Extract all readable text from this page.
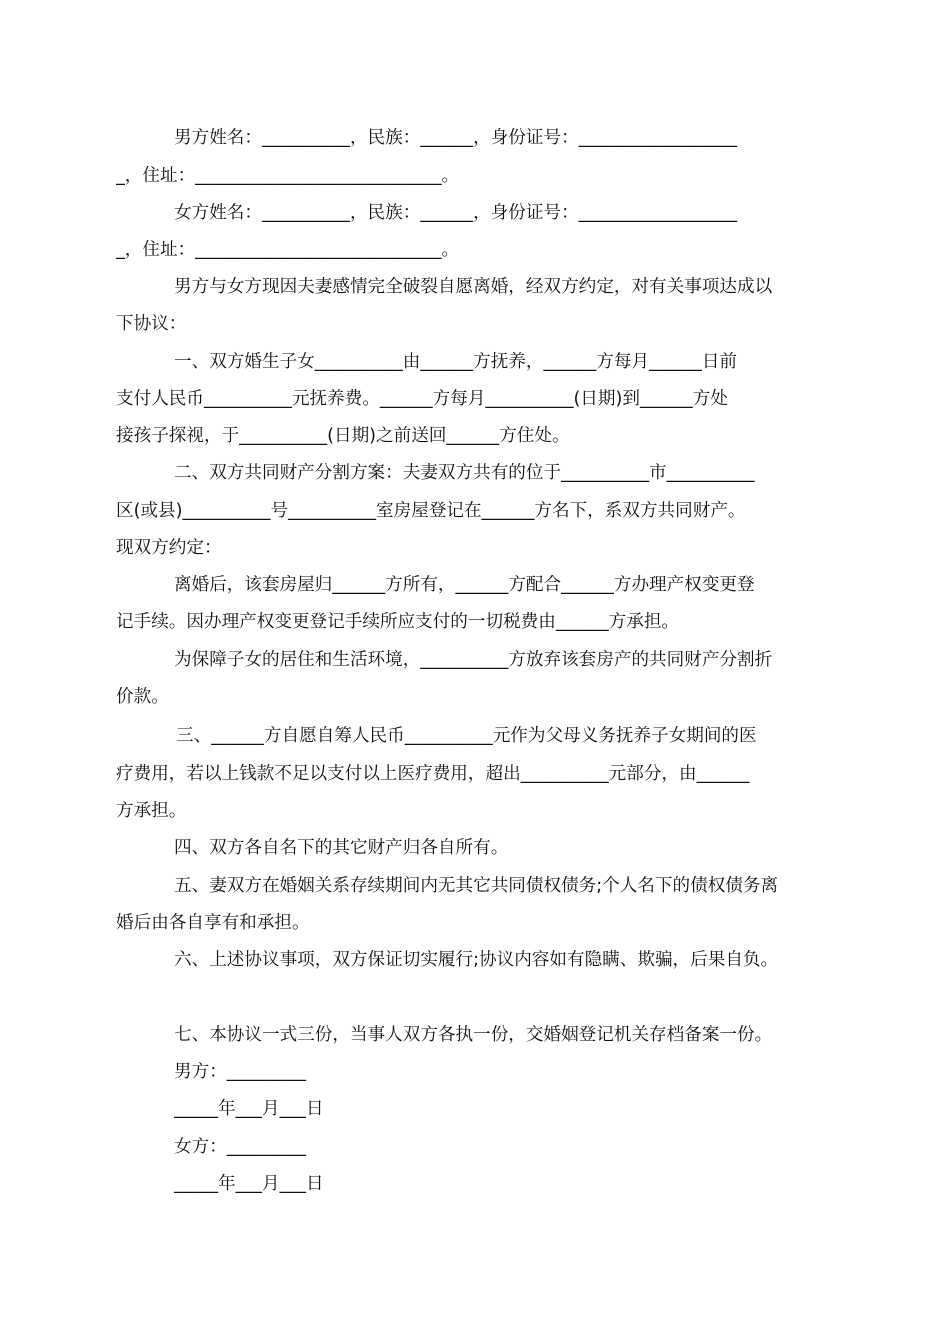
男方姓名：__________，民族：______，身份证号：__________________
_，住址：____________________________。
女方姓名：__________，民族：______，身份证号：__________________
_，住址：____________________________。
男方与女方现因夫妻感情完全破裂自愿离婚，经双方约定，对有关事项达成以
下协议：
一、双方婚生子女__________由______方抚养，______方每月______日前
支付人民币__________元抚养费。______方每月__________(日期)到______方处
接孩子探视，于__________(日期)之前送回______方住处。
二、双方共同财产分割方案：夫妻双方共有的位于__________市__________
区(或县)__________号__________室房屋登记在______方名下，系双方共同财产。
现双方约定：
离婚后，该套房屋归______方所有，______方配合______方办理产权变更登
记手续。因办理产权变更登记手续所应支付的一切税费由______方承担。
为保障子女的居住和生活环境，__________方放弃该套房产的共同财产分割折
价款。
三、______方自愿自筹人民币__________元作为父母义务抚养子女期间的医
疗费用，若以上钱款不足以支付以上医疗费用，超出__________元部分，由______
方承担。
四、双方各自名下的其它财产归各自所有。
五、妻双方在婚姻关系存续期间内无其它共同债权债务;个人名下的债权债务离
婚后由各自享有和承担。
六、上述协议事项，双方保证切实履行;协议内容如有隐瞒、欺骗，后果自负。
七、本协议一式三份，当事人双方各执一份，交婚姻登记机关存档备案一份。
男方：_________
_____年___月___日
女方：_________
_____年___月___日
